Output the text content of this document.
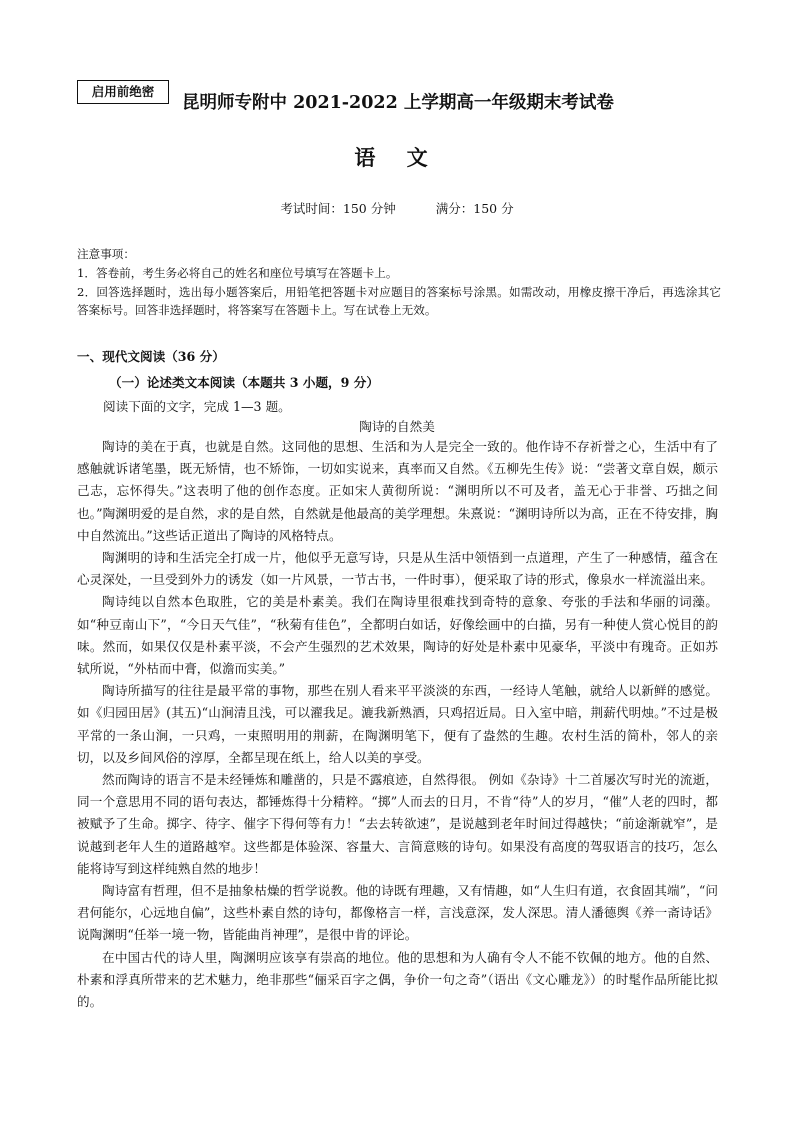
启用前绝密
昆明师专附中 2021-2022 上学期高一年级期末考试卷
语 文
考试时间：150 分钟	满分：150 分

注意事项：

1．答卷前，考生务必将自己的姓名和座位号填写在答题卡上。

2．回答选择题时，选出每小题答案后，用铅笔把答题卡对应题目的答案标号涂黑。如需改动，用橡皮擦干净后，再选涂其它答案标号。回答非选择题时，将答案写在答题卡上。写在试卷上无效。

一、现代文阅读（36 分）
（一）论述类文本阅读（本题共 3 小题，9 分）
阅读下面的文字，完成 1—3 题。
陶诗的自然美

陶诗的美在于真，也就是自然。这同他的思想、生活和为人是完全一致的。他作诗不存祈誉之心，生活中有了感触就诉诸笔墨，既无矫情，也不矫饰，一切如实说来，真率而又自然。《五柳先生传》说：“尝著文章自娱，颇示己志，忘怀得失。”这表明了他的创作态度。正如宋人黄彻所说：“渊明所以不可及者，盖无心于非誉、巧拙之间也。”陶渊明爱的是自然，求的是自然，自然就是他最高的美学理想。朱熹说：“渊明诗所以为高，正在不待安排，胸中自然流出。”这些话正道出了陶诗的风格特点。

陶渊明的诗和生活完全打成一片，他似乎无意写诗，只是从生活中领悟到一点道理，产生了一种感情，蕴含在心灵深处，一旦受到外力的诱发（如一片风景，一节古书，一件时事），便采取了诗的形式，像泉水一样流溢出来。

陶诗纯以自然本色取胜，它的美是朴素美。我们在陶诗里很难找到奇特的意象、夸张的手法和华丽的词藻。如“种豆南山下”，“今日天气佳”，“秋菊有佳色”，全都明白如话，好像绘画中的白描，另有一种使人赏心悦目的韵味。然而，如果仅仅是朴素平淡，不会产生强烈的艺术效果，陶诗的好处是朴素中见豪华，平淡中有瑰奇。正如苏轼所说，“外枯而中膏，似澹而实美。”

陶诗所描写的往往是最平常的事物，那些在别人看来平平淡淡的东西，一经诗人笔触，就给人以新鲜的感觉。如《归园田居》(其五)“山涧清且浅，可以濯我足。漉我新熟酒，只鸡招近局。日入室中暗，荆薪代明烛。”不过是极平常的一条山涧，一只鸡，一束照明用的荆薪，在陶渊明笔下，便有了盎然的生趣。农村生活的简朴，邻人的亲切，以及乡间风俗的淳厚，全都呈现在纸上，给人以美的享受。

然而陶诗的语言不是未经锤炼和雕凿的，只是不露痕迹，自然得很。 例如《杂诗》十二首屡次写时光的流逝，同一个意思用不同的语句表达，都锤炼得十分精粹。“掷”人而去的日月，不肯“待”人的岁月，“催”人老的四时，都被赋予了生命。掷字、待字、催字下得何等有力！“去去转欲速”，是说越到老年时间过得越快；“前途渐就窄”，是说越到老年人生的道路越窄。这些都是体验深、容量大、言简意赅的诗句。如果没有高度的驾驭语言的技巧，怎么能将诗写到这样纯熟自然的地步！

陶诗富有哲理，但不是抽象枯燥的哲学说教。他的诗既有理趣，又有情趣，如“人生归有道，衣食固其端”，“问君何能尔，心远地自偏”，这些朴素自然的诗句，都像格言一样，言浅意深，发人深思。清人潘德舆《养一斋诗话》说陶渊明“任举一境一物，皆能曲肖神理”，是很中肯的评论。

在中国古代的诗人里，陶渊明应该享有崇高的地位。他的思想和为人确有令人不能不钦佩的地方。他的自然、朴素和浮真所带来的艺术魅力，绝非那些“俪采百字之偶，争价一句之奇”（语出《文心雕龙》）的时髦作品所能比拟的。
